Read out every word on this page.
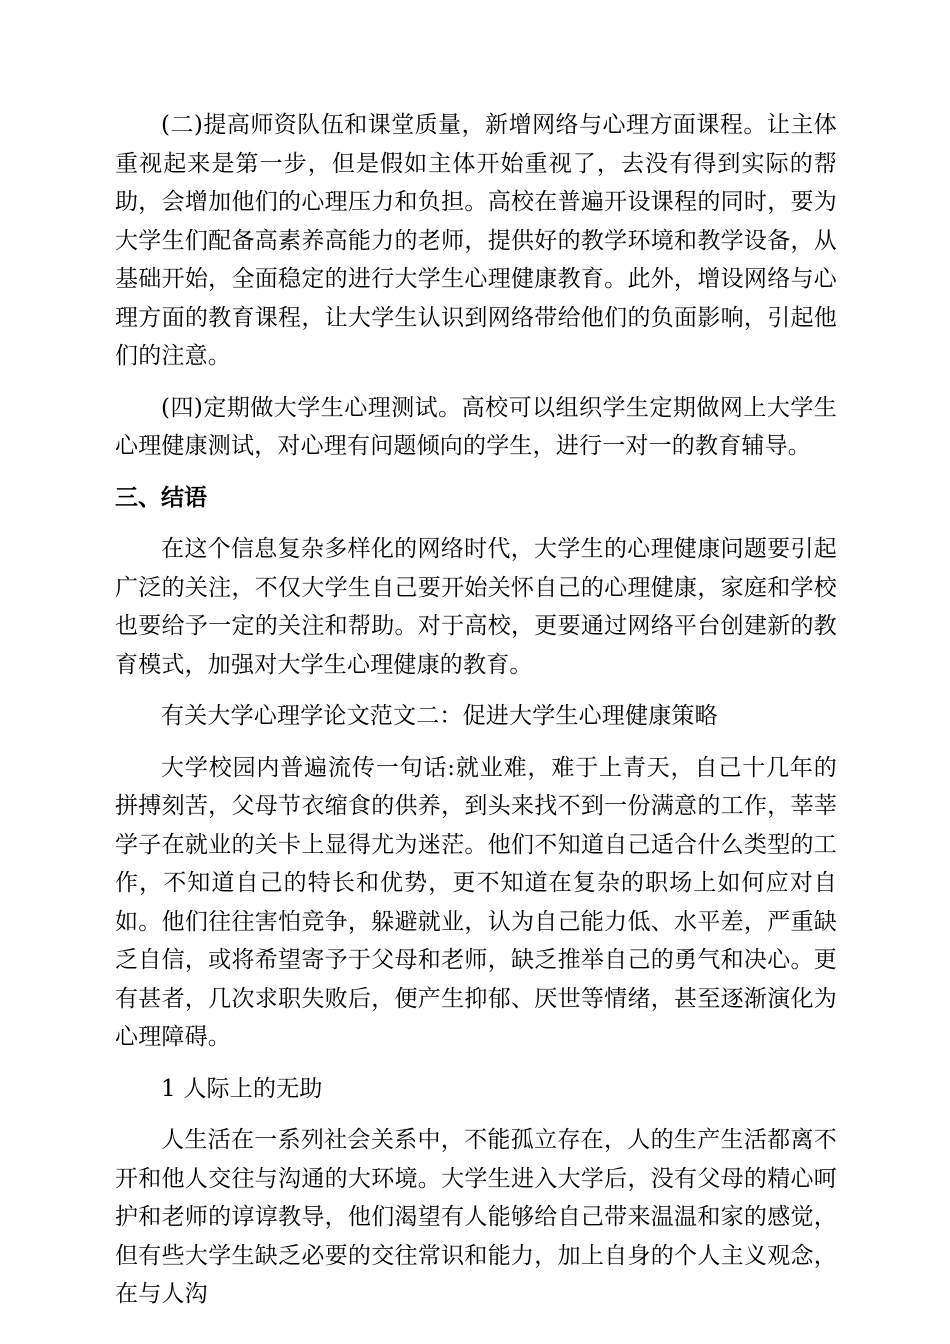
(二)提高师资队伍和课堂质量，新增网络与心理方面课程。让主体重视起来是第一步，但是假如主体开始重视了，去没有得到实际的帮助，会增加他们的心理压力和负担。高校在普遍开设课程的同时，要为大学生们配备高素养高能力的老师，提供好的教学环境和教学设备，从基础开始，全面稳定的进行大学生心理健康教育。此外，增设网络与心理方面的教育课程，让大学生认识到网络带给他们的负面影响，引起他们的注意。

(四)定期做大学生心理测试。高校可以组织学生定期做网上大学生心理健康测试，对心理有问题倾向的学生，进行一对一的教育辅导。

三、结语

在这个信息复杂多样化的网络时代，大学生的心理健康问题要引起广泛的关注，不仅大学生自己要开始关怀自己的心理健康，家庭和学校也要给予一定的关注和帮助。对于高校，更要通过网络平台创建新的教育模式，加强对大学生心理健康的教育。

有关大学心理学论文范文二：促进大学生心理健康策略

大学校园内普遍流传一句话:就业难，难于上青天，自己十几年的拼搏刻苦，父母节衣缩食的供养，到头来找不到一份满意的工作，莘莘学子在就业的关卡上显得尤为迷茫。他们不知道自己适合什么类型的工作，不知道自己的特长和优势，更不知道在复杂的职场上如何应对自如。他们往往害怕竞争，躲避就业，认为自己能力低、水平差，严重缺乏自信，或将希望寄予于父母和老师，缺乏推举自己的勇气和决心。更有甚者，几次求职失败后，便产生抑郁、厌世等情绪，甚至逐渐演化为心理障碍。

1 人际上的无助

人生活在一系列社会关系中，不能孤立存在，人的生产生活都离不开和他人交往与沟通的大环境。大学生进入大学后，没有父母的精心呵护和老师的谆谆教导，他们渴望有人能够给自己带来温温和家的感觉，但有些大学生缺乏必要的交往常识和能力，加上自身的个人主义观念，在与人沟
